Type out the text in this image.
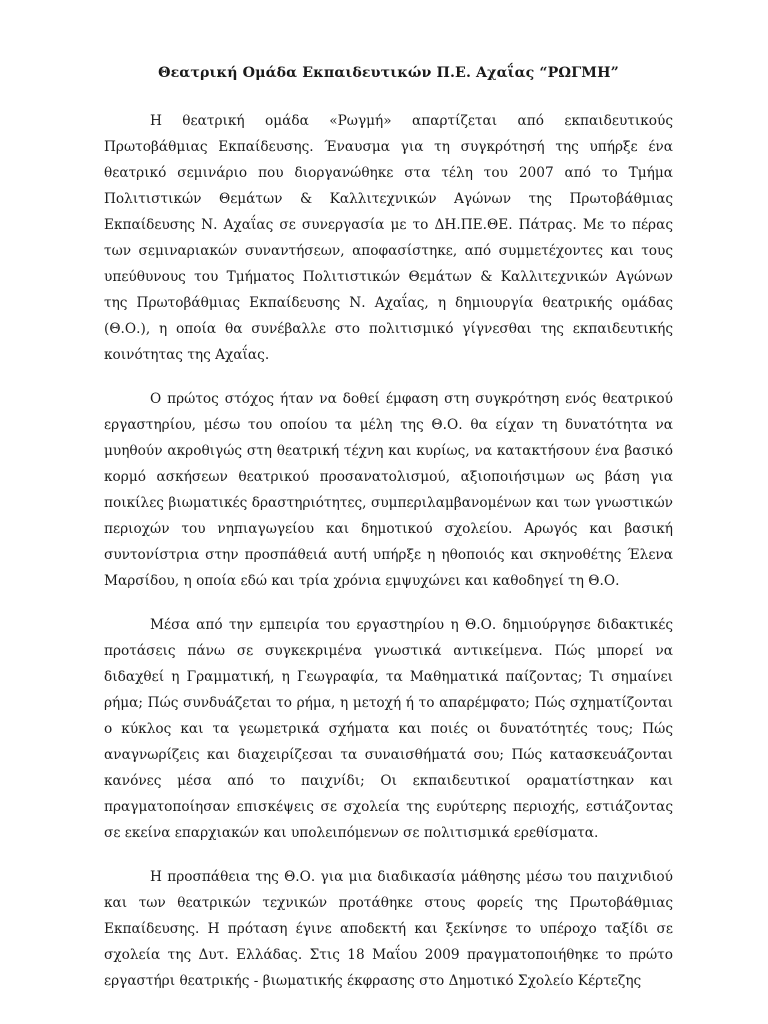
Θεατρική Ομάδα Εκπαιδευτικών Π.Ε. Αχαΐας “ΡΩΓΜΗ”

Η θεατρική ομάδα «Ρωγμή» απαρτίζεται από εκπαιδευτικούς Πρωτοβάθμιας Εκπαίδευσης. Έναυσμα για τη συγκρότησή της υπήρξε ένα θεατρικό σεμινάριο που διοργανώθηκε στα τέλη του 2007 από το Τμήμα Πολιτιστικών Θεμάτων & Καλλιτεχνικών Αγώνων της Πρωτοβάθμιας Εκπαίδευσης Ν. Αχαΐας σε συνεργασία με το ΔΗ.ΠΕ.ΘΕ. Πάτρας. Με το πέρας των σεμιναριακών συναντήσεων, αποφασίστηκε, από συμμετέχοντες και τους υπεύθυνους του Τμήματος Πολιτιστικών Θεμάτων & Καλλιτεχνικών Αγώνων της Πρωτοβάθμιας Εκπαίδευσης Ν. Αχαΐας, η δημιουργία θεατρικής ομάδας (Θ.Ο.), η οποία θα συνέβαλλε στο πολιτισμικό γίγνεσθαι της εκπαιδευτικής κοινότητας της Αχαΐας.

Ο πρώτος στόχος ήταν να δοθεί έμφαση στη συγκρότηση ενός θεατρικού εργαστηρίου, μέσω του οποίου τα μέλη της Θ.Ο. θα είχαν τη δυνατότητα να μυηθούν ακροθιγώς στη θεατρική τέχνη και κυρίως, να κατακτήσουν ένα βασικό κορμό ασκήσεων θεατρικού προσανατολισμού, αξιοποιήσιμων ως βάση για ποικίλες βιωματικές δραστηριότητες, συμπεριλαμβανομένων και των γνωστικών περιοχών του νηπιαγωγείου και δημοτικού σχολείου. Αρωγός και βασική συντονίστρια στην προσπάθειά αυτή υπήρξε η ηθοποιός και σκηνοθέτης Έλενα Μαρσίδου, η οποία εδώ και τρία χρόνια εμψυχώνει και καθοδηγεί τη Θ.Ο.

Μέσα από την εμπειρία του εργαστηρίου η Θ.Ο. δημιούργησε διδακτικές προτάσεις πάνω σε συγκεκριμένα γνωστικά αντικείμενα. Πώς μπορεί να διδαχθεί η Γραμματική, η Γεωγραφία, τα Μαθηματικά παίζοντας; Τι σημαίνει ρήμα; Πώς συνδυάζεται το ρήμα, η μετοχή ή το απαρέμφατο; Πώς σχηματίζονται ο κύκλος και τα γεωμετρικά σχήματα και ποιές οι δυνατότητές τους; Πώς αναγνωρίζεις και διαχειρίζεσαι τα συναισθήματά σου; Πώς κατασκευάζονται κανόνες μέσα από το παιχνίδι; Οι εκπαιδευτικοί οραματίστηκαν και πραγματοποίησαν επισκέψεις σε σχολεία της ευρύτερης περιοχής, εστιάζοντας σε εκείνα επαρχιακών και υπολειπόμενων σε πολιτισμικά ερεθίσματα.

Η προσπάθεια της Θ.Ο. για μια διαδικασία μάθησης μέσω του παιχνιδιού και των θεατρικών τεχνικών προτάθηκε στους φορείς της Πρωτοβάθμιας Εκπαίδευσης. Η πρόταση έγινε αποδεκτή και ξεκίνησε το υπέροχο ταξίδι σε σχολεία της Δυτ. Ελλάδας. Στις 18 Μαΐου 2009 πραγματοποιήθηκε το πρώτο εργαστήρι θεατρικής - βιωματικής έκφρασης στο Δημοτικό Σχολείο Κέρτεζης
